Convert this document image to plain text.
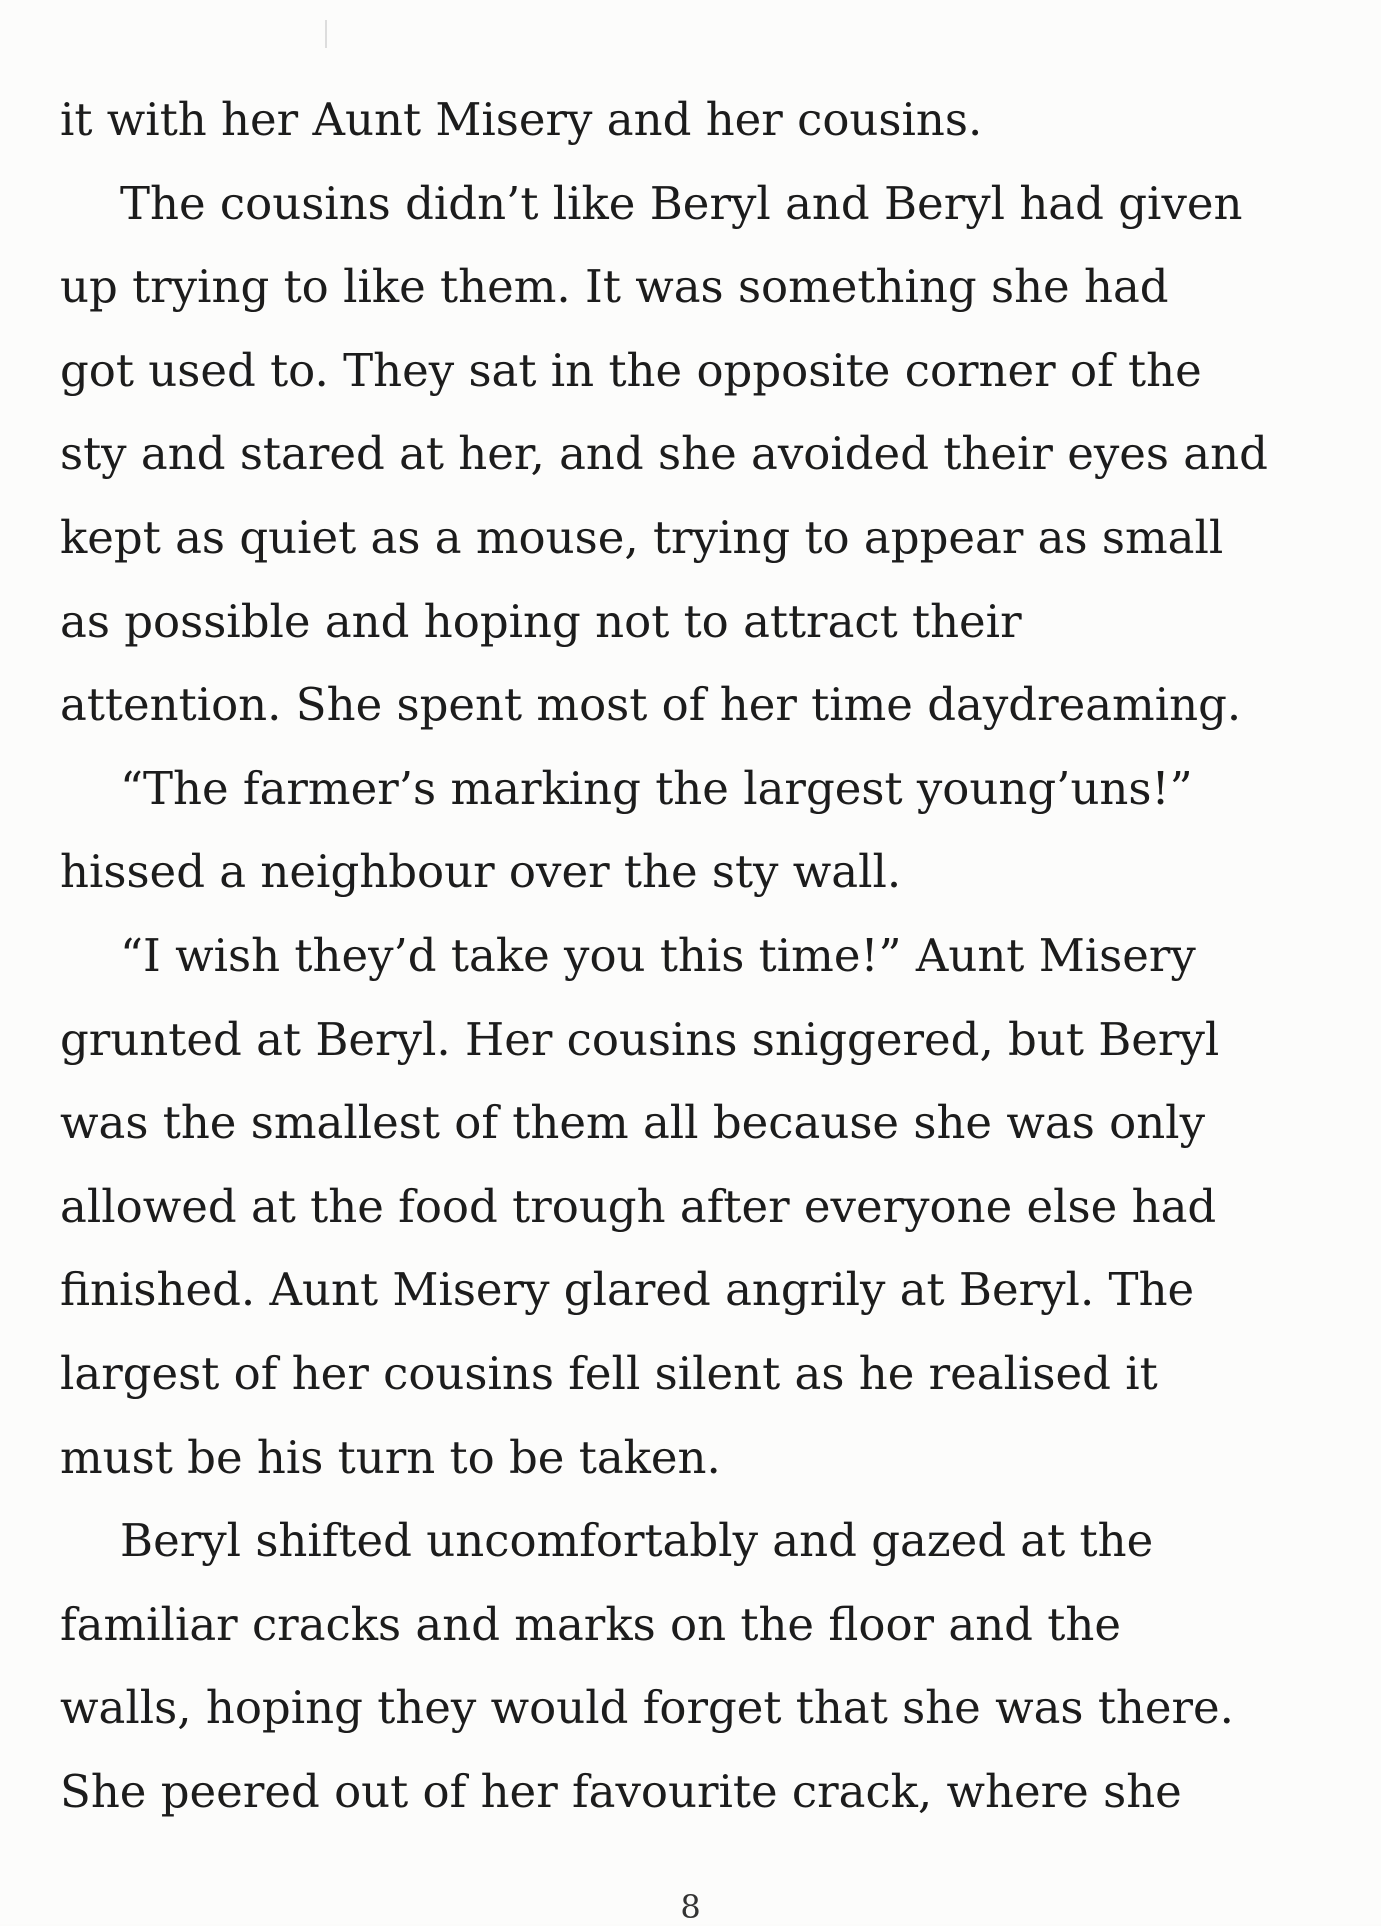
it with her Aunt Misery and her cousins.
The cousins didn’t like Beryl and Beryl had given
up trying to like them. It was something she had
got used to. They sat in the opposite corner of the
sty and stared at her, and she avoided their eyes and
kept as quiet as a mouse, trying to appear as small
as possible and hoping not to attract their
attention. She spent most of her time daydreaming.
“The farmer’s marking the largest young’uns!”
hissed a neighbour over the sty wall.
“I wish they’d take you this time!” Aunt Misery
grunted at Beryl. Her cousins sniggered, but Beryl
was the smallest of them all because she was only
allowed at the food trough after everyone else had
finished. Aunt Misery glared angrily at Beryl. The
largest of her cousins fell silent as he realised it
must be his turn to be taken.
Beryl shifted uncomfortably and gazed at the
familiar cracks and marks on the floor and the
walls, hoping they would forget that she was there.
She peered out of her favourite crack, where she
8
